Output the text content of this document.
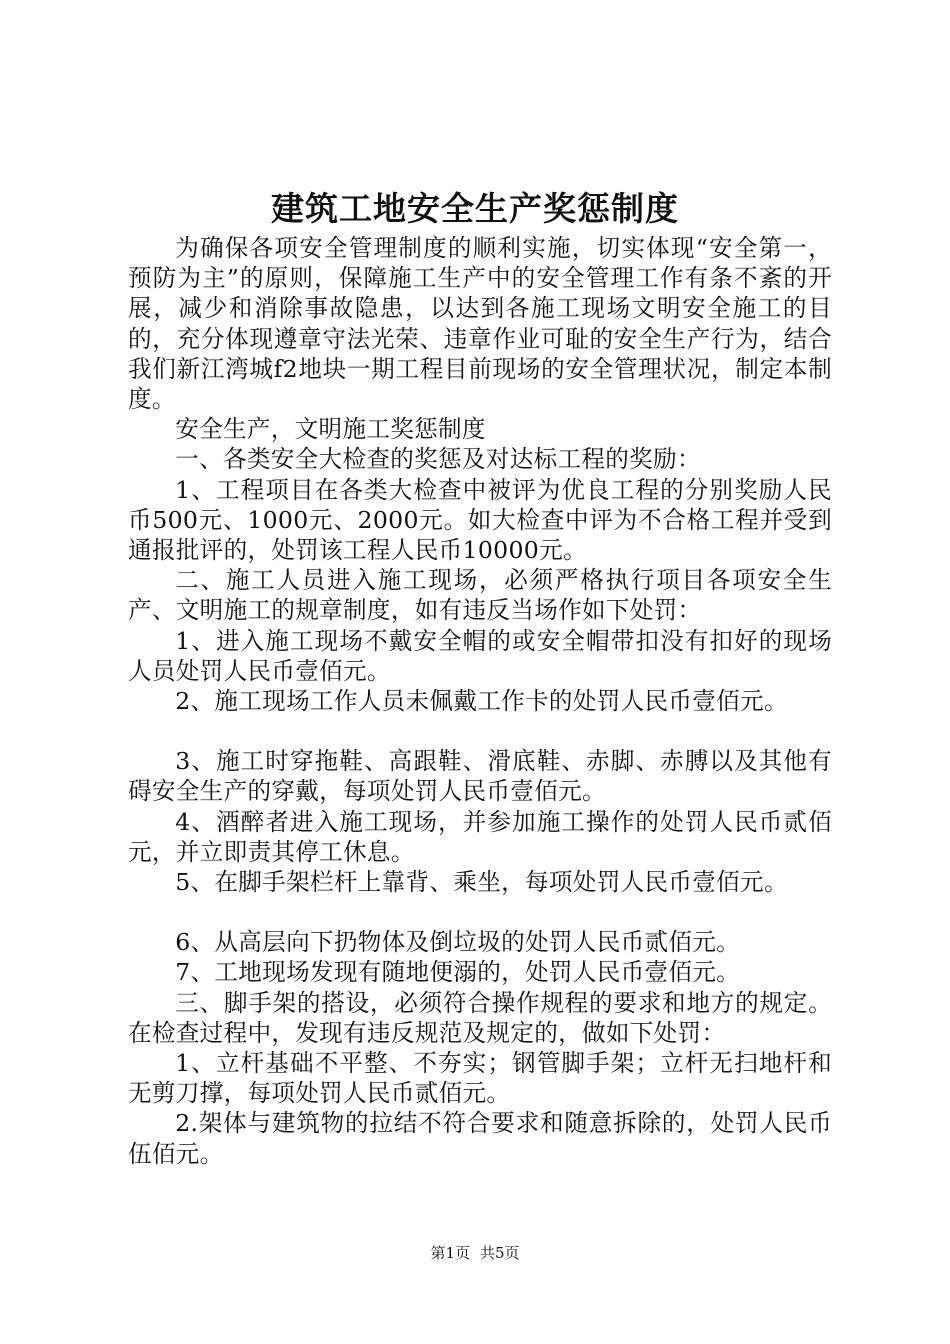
建筑工地安全生产奖惩制度

为确保各项安全管理制度的顺利实施，切实体现“安全第一，预防为主”的原则，保障施工生产中的安全管理工作有条不紊的开展，减少和消除事故隐患，以达到各施工现场文明安全施工的目的，充分体现遵章守法光荣、违章作业可耻的安全生产行为，结合我们新江湾城f2地块一期工程目前现场的安全管理状况，制定本制度。

安全生产，文明施工奖惩制度

一、各类安全大检查的奖惩及对达标工程的奖励：

1、工程项目在各类大检查中被评为优良工程的分别奖励人民币500元、1000元、2000元。如大检查中评为不合格工程并受到通报批评的，处罚该工程人民币10000元。

二、施工人员进入施工现场，必须严格执行项目各项安全生产、文明施工的规章制度，如有违反当场作如下处罚：

1、进入施工现场不戴安全帽的或安全帽带扣没有扣好的现场人员处罚人民币壹佰元。

2、施工现场工作人员未佩戴工作卡的处罚人民币壹佰元。

3、施工时穿拖鞋、高跟鞋、滑底鞋、赤脚、赤膊以及其他有碍安全生产的穿戴，每项处罚人民币壹佰元。

4、酒醉者进入施工现场，并参加施工操作的处罚人民币贰佰元，并立即责其停工休息。

5、在脚手架栏杆上靠背、乘坐，每项处罚人民币壹佰元。

6、从高层向下扔物体及倒垃圾的处罚人民币贰佰元。

7、工地现场发现有随地便溺的，处罚人民币壹佰元。

三、脚手架的搭设，必须符合操作规程的要求和地方的规定。在检查过程中，发现有违反规范及规定的，做如下处罚：

1、立杆基础不平整、不夯实；钢管脚手架；立杆无扫地杆和无剪刀撑，每项处罚人民币贰佰元。

2.架体与建筑物的拉结不符合要求和随意拆除的，处罚人民币伍佰元。

第1页 共5页
